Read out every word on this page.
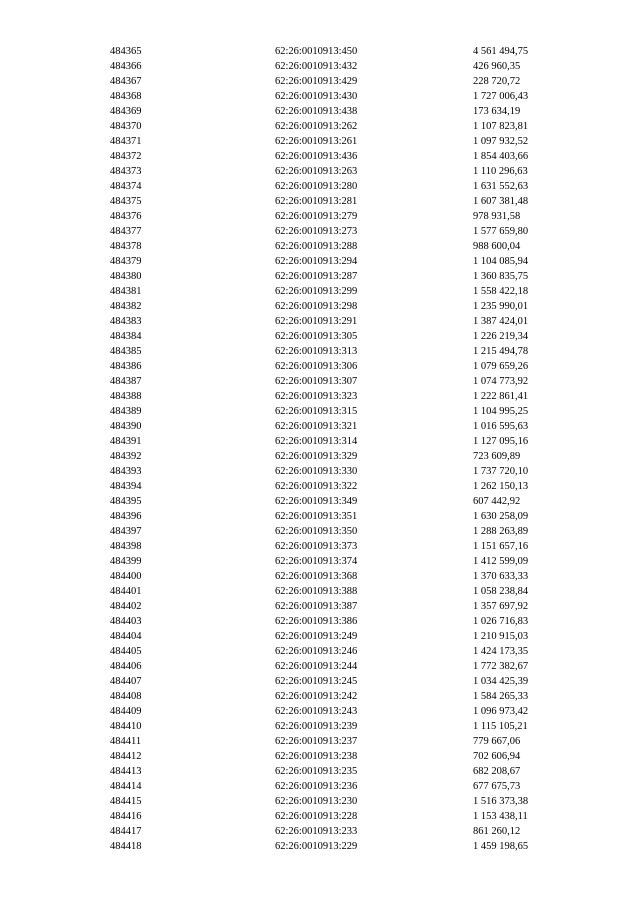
484365	62:26:0010913:450	4 561 494,75
484366	62:26:0010913:432	426 960,35
484367	62:26:0010913:429	228 720,72
484368	62:26:0010913:430	1 727 006,43
484369	62:26:0010913:438	173 634,19
484370	62:26:0010913:262	1 107 823,81
484371	62:26:0010913:261	1 097 932,52
484372	62:26:0010913:436	1 854 403,66
484373	62:26:0010913:263	1 110 296,63
484374	62:26:0010913:280	1 631 552,63
484375	62:26:0010913:281	1 607 381,48
484376	62:26:0010913:279	978 931,58
484377	62:26:0010913:273	1 577 659,80
484378	62:26:0010913:288	988 600,04
484379	62:26:0010913:294	1 104 085,94
484380	62:26:0010913:287	1 360 835,75
484381	62:26:0010913:299	1 558 422,18
484382	62:26:0010913:298	1 235 990,01
484383	62:26:0010913:291	1 387 424,01
484384	62:26:0010913:305	1 226 219,34
484385	62:26:0010913:313	1 215 494,78
484386	62:26:0010913:306	1 079 659,26
484387	62:26:0010913:307	1 074 773,92
484388	62:26:0010913:323	1 222 861,41
484389	62:26:0010913:315	1 104 995,25
484390	62:26:0010913:321	1 016 595,63
484391	62:26:0010913:314	1 127 095,16
484392	62:26:0010913:329	723 609,89
484393	62:26:0010913:330	1 737 720,10
484394	62:26:0010913:322	1 262 150,13
484395	62:26:0010913:349	607 442,92
484396	62:26:0010913:351	1 630 258,09
484397	62:26:0010913:350	1 288 263,89
484398	62:26:0010913:373	1 151 657,16
484399	62:26:0010913:374	1 412 599,09
484400	62:26:0010913:368	1 370 633,33
484401	62:26:0010913:388	1 058 238,84
484402	62:26:0010913:387	1 357 697,92
484403	62:26:0010913:386	1 026 716,83
484404	62:26:0010913:249	1 210 915,03
484405	62:26:0010913:246	1 424 173,35
484406	62:26:0010913:244	1 772 382,67
484407	62:26:0010913:245	1 034 425,39
484408	62:26:0010913:242	1 584 265,33
484409	62:26:0010913:243	1 096 973,42
484410	62:26:0010913:239	1 115 105,21
484411	62:26:0010913:237	779 667,06
484412	62:26:0010913:238	702 606,94
484413	62:26:0010913:235	682 208,67
484414	62:26:0010913:236	677 675,73
484415	62:26:0010913:230	1 516 373,38
484416	62:26:0010913:228	1 153 438,11
484417	62:26:0010913:233	861 260,12
484418	62:26:0010913:229	1 459 198,65
